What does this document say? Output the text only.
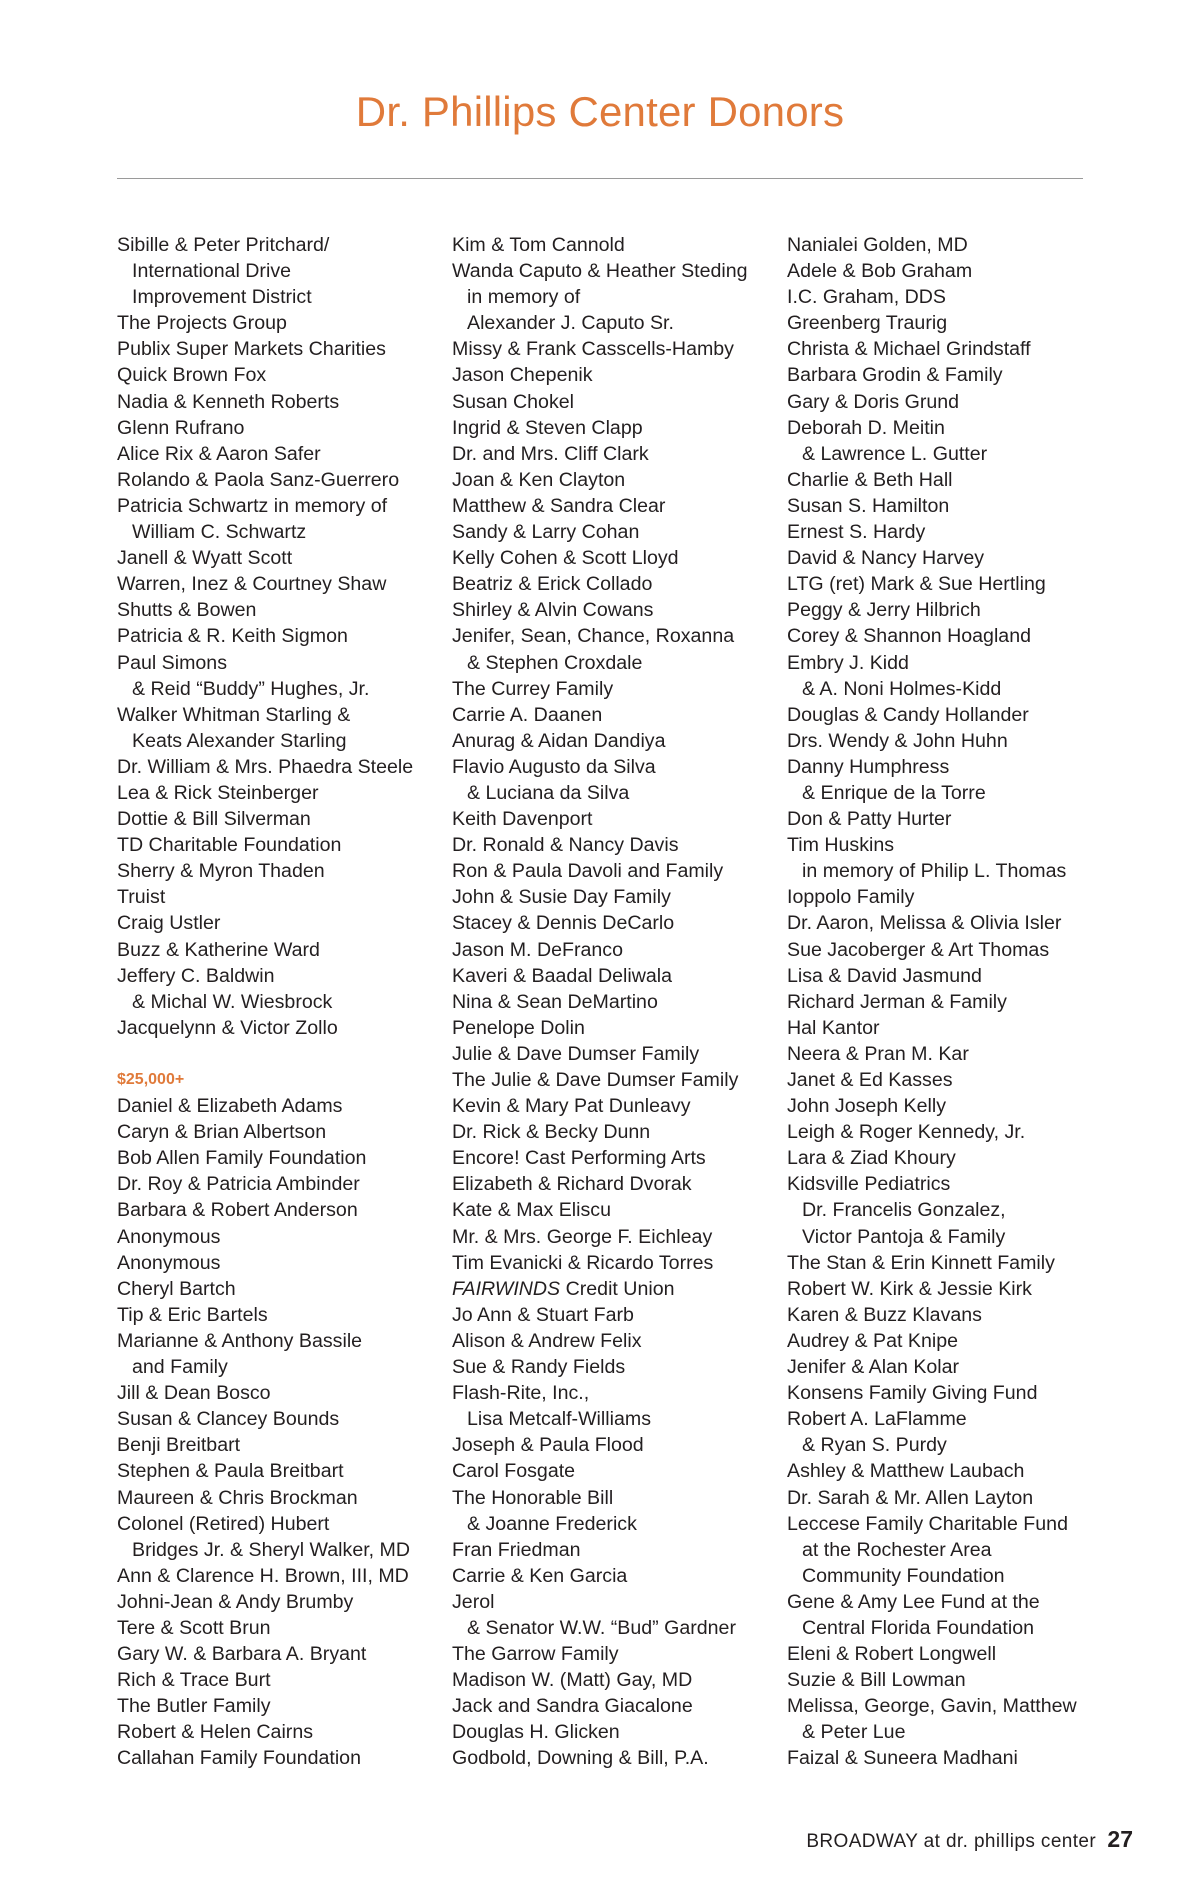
Dr. Phillips Center Donors
Sibille & Peter Pritchard/
International Drive
Improvement District
The Projects Group
Publix Super Markets Charities
Quick Brown Fox
Nadia & Kenneth Roberts
Glenn Rufrano
Alice Rix & Aaron Safer
Rolando & Paola Sanz-Guerrero
Patricia Schwartz in memory of
William C. Schwartz
Janell & Wyatt Scott
Warren, Inez & Courtney Shaw
Shutts & Bowen
Patricia & R. Keith Sigmon
Paul Simons
& Reid “Buddy” Hughes, Jr.
Walker Whitman Starling &
Keats Alexander Starling
Dr. William & Mrs. Phaedra Steele
Lea & Rick Steinberger
Dottie & Bill Silverman
TD Charitable Foundation
Sherry & Myron Thaden
Truist
Craig Ustler
Buzz & Katherine Ward
Jeffery C. Baldwin
& Michal W. Wiesbrock
Jacquelynn & Victor Zollo
$25,000+
Daniel & Elizabeth Adams
Caryn & Brian Albertson
Bob Allen Family Foundation
Dr. Roy & Patricia Ambinder
Barbara & Robert Anderson
Anonymous
Anonymous
Cheryl Bartch
Tip & Eric Bartels
Marianne & Anthony Bassile
and Family
Jill & Dean Bosco
Susan & Clancey Bounds
Benji Breitbart
Stephen & Paula Breitbart
Maureen & Chris Brockman
Colonel (Retired) Hubert
Bridges Jr. & Sheryl Walker, MD
Ann & Clarence H. Brown, III, MD
Johni-Jean & Andy Brumby
Tere & Scott Brun
Gary W. & Barbara A. Bryant
Rich & Trace Burt
The Butler Family
Robert & Helen Cairns
Callahan Family Foundation
Kim & Tom Cannold
Wanda Caputo & Heather Steding
in memory of
Alexander J. Caputo Sr.
Missy & Frank Casscells-Hamby
Jason Chepenik
Susan Chokel
Ingrid & Steven Clapp
Dr. and Mrs. Cliff Clark
Joan & Ken Clayton
Matthew & Sandra Clear
Sandy & Larry Cohan
Kelly Cohen & Scott Lloyd
Beatriz & Erick Collado
Shirley & Alvin Cowans
Jenifer, Sean, Chance, Roxanna
& Stephen Croxdale
The Currey Family
Carrie A. Daanen
Anurag & Aidan Dandiya
Flavio Augusto da Silva
& Luciana da Silva
Keith Davenport
Dr. Ronald & Nancy Davis
Ron & Paula Davoli and Family
John & Susie Day Family
Stacey & Dennis DeCarlo
Jason M. DeFranco
Kaveri & Baadal Deliwala
Nina & Sean DeMartino
Penelope Dolin
Julie & Dave Dumser Family
The Julie & Dave Dumser Family
Kevin & Mary Pat Dunleavy
Dr. Rick & Becky Dunn
Encore! Cast Performing Arts
Elizabeth & Richard Dvorak
Kate & Max Eliscu
Mr. & Mrs. George F. Eichleay
Tim Evanicki & Ricardo Torres
FAIRWINDS Credit Union
Jo Ann & Stuart Farb
Alison & Andrew Felix
Sue & Randy Fields
Flash-Rite, Inc.,
Lisa Metcalf-Williams
Joseph & Paula Flood
Carol Fosgate
The Honorable Bill
& Joanne Frederick
Fran Friedman
Carrie & Ken Garcia
Jerol
& Senator W.W. “Bud” Gardner
The Garrow Family
Madison W. (Matt) Gay, MD
Jack and Sandra Giacalone
Douglas H. Glicken
Godbold, Downing & Bill, P.A.
Nanialei Golden, MD
Adele & Bob Graham
I.C. Graham, DDS
Greenberg Traurig
Christa & Michael Grindstaff
Barbara Grodin & Family
Gary & Doris Grund
Deborah D. Meitin
& Lawrence L. Gutter
Charlie & Beth Hall
Susan S. Hamilton
Ernest S. Hardy
David & Nancy Harvey
LTG (ret) Mark & Sue Hertling
Peggy & Jerry Hilbrich
Corey & Shannon Hoagland
Embry J. Kidd
& A. Noni Holmes-Kidd
Douglas & Candy Hollander
Drs. Wendy & John Huhn
Danny Humphress
& Enrique de la Torre
Don & Patty Hurter
Tim Huskins
in memory of Philip L. Thomas
Ioppolo Family
Dr. Aaron, Melissa & Olivia Isler
Sue Jacoberger & Art Thomas
Lisa & David Jasmund
Richard Jerman & Family
Hal Kantor
Neera & Pran M. Kar
Janet & Ed Kasses
John Joseph Kelly
Leigh & Roger Kennedy, Jr.
Lara & Ziad Khoury
Kidsville Pediatrics
Dr. Francelis Gonzalez,
Victor Pantoja & Family
The Stan & Erin Kinnett Family
Robert W. Kirk & Jessie Kirk
Karen & Buzz Klavans
Audrey & Pat Knipe
Jenifer & Alan Kolar
Konsens Family Giving Fund
Robert A. LaFlamme
& Ryan S. Purdy
Ashley & Matthew Laubach
Dr. Sarah & Mr. Allen Layton
Leccese Family Charitable Fund
at the Rochester Area
Community Foundation
Gene & Amy Lee Fund at the
Central Florida Foundation
Eleni & Robert Longwell
Suzie & Bill Lowman
Melissa, George, Gavin, Matthew
& Peter Lue
Faizal & Suneera Madhani
BROADWAY at dr. phillips center 27
